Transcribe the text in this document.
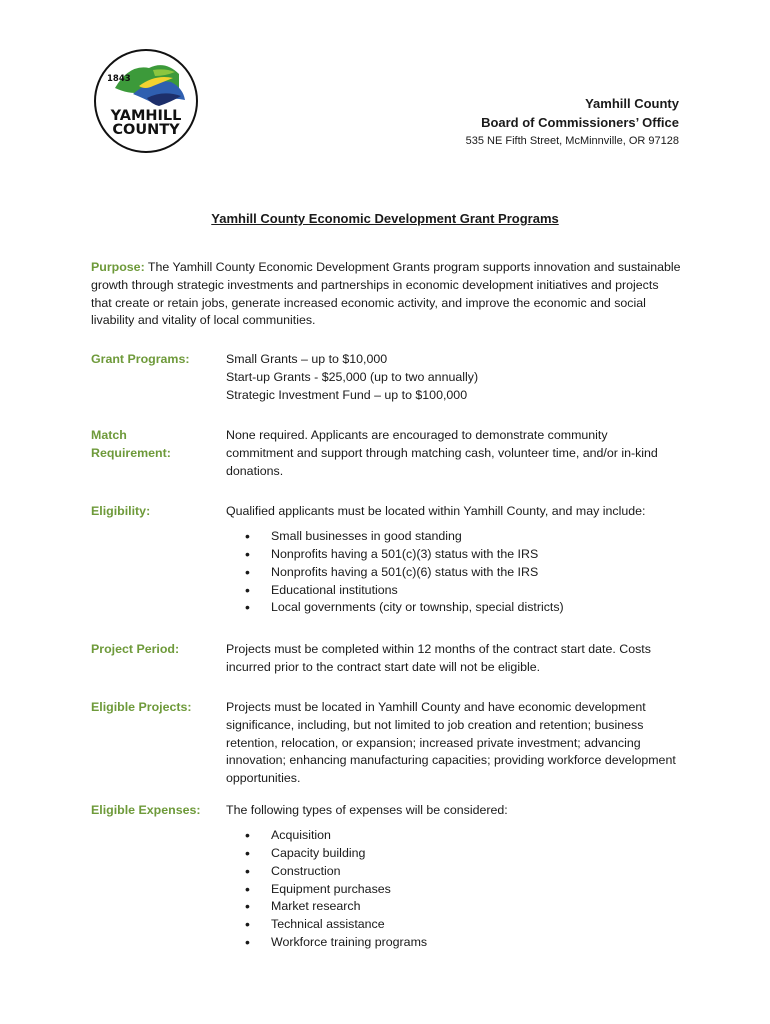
1843
YAMHILL
COUNTY
Yamhill County
Board of Commissioners’ Office
535 NE Fifth Street, McMinnville, OR 97128
Yamhill County Economic Development Grant Programs
Purpose: The Yamhill County Economic Development Grants program supports innovation and sustainable growth through strategic investments and partnerships in economic development initiatives and projects that create or retain jobs, generate increased economic activity, and improve the economic and social livability and vitality of local communities.
Grant Programs:	Small Grants – up to $10,000
Start-up Grants - $25,000 (up to two annually)
Strategic Investment Fund – up to $100,000
Match
Requirement:
None required. Applicants are encouraged to demonstrate community commitment and support through matching cash, volunteer time, and/or in-kind donations.
Eligibility:	Qualified applicants must be located within Yamhill County, and may include:
• Small businesses in good standing
• Nonprofits having a 501(c)(3) status with the IRS
• Nonprofits having a 501(c)(6) status with the IRS
• Educational institutions
• Local governments (city or township, special districts)
Project Period:	Projects must be completed within 12 months of the contract start date. Costs incurred prior to the contract start date will not be eligible.
Eligible Projects:	Projects must be located in Yamhill County and have economic development significance, including, but not limited to job creation and retention; business retention, relocation, or expansion; increased private investment; advancing innovation; enhancing manufacturing capacities; providing workforce development opportunities.
Eligible Expenses:	The following types of expenses will be considered:
• Acquisition
• Capacity building
• Construction
• Equipment purchases
• Market research
• Technical assistance
• Workforce training programs
